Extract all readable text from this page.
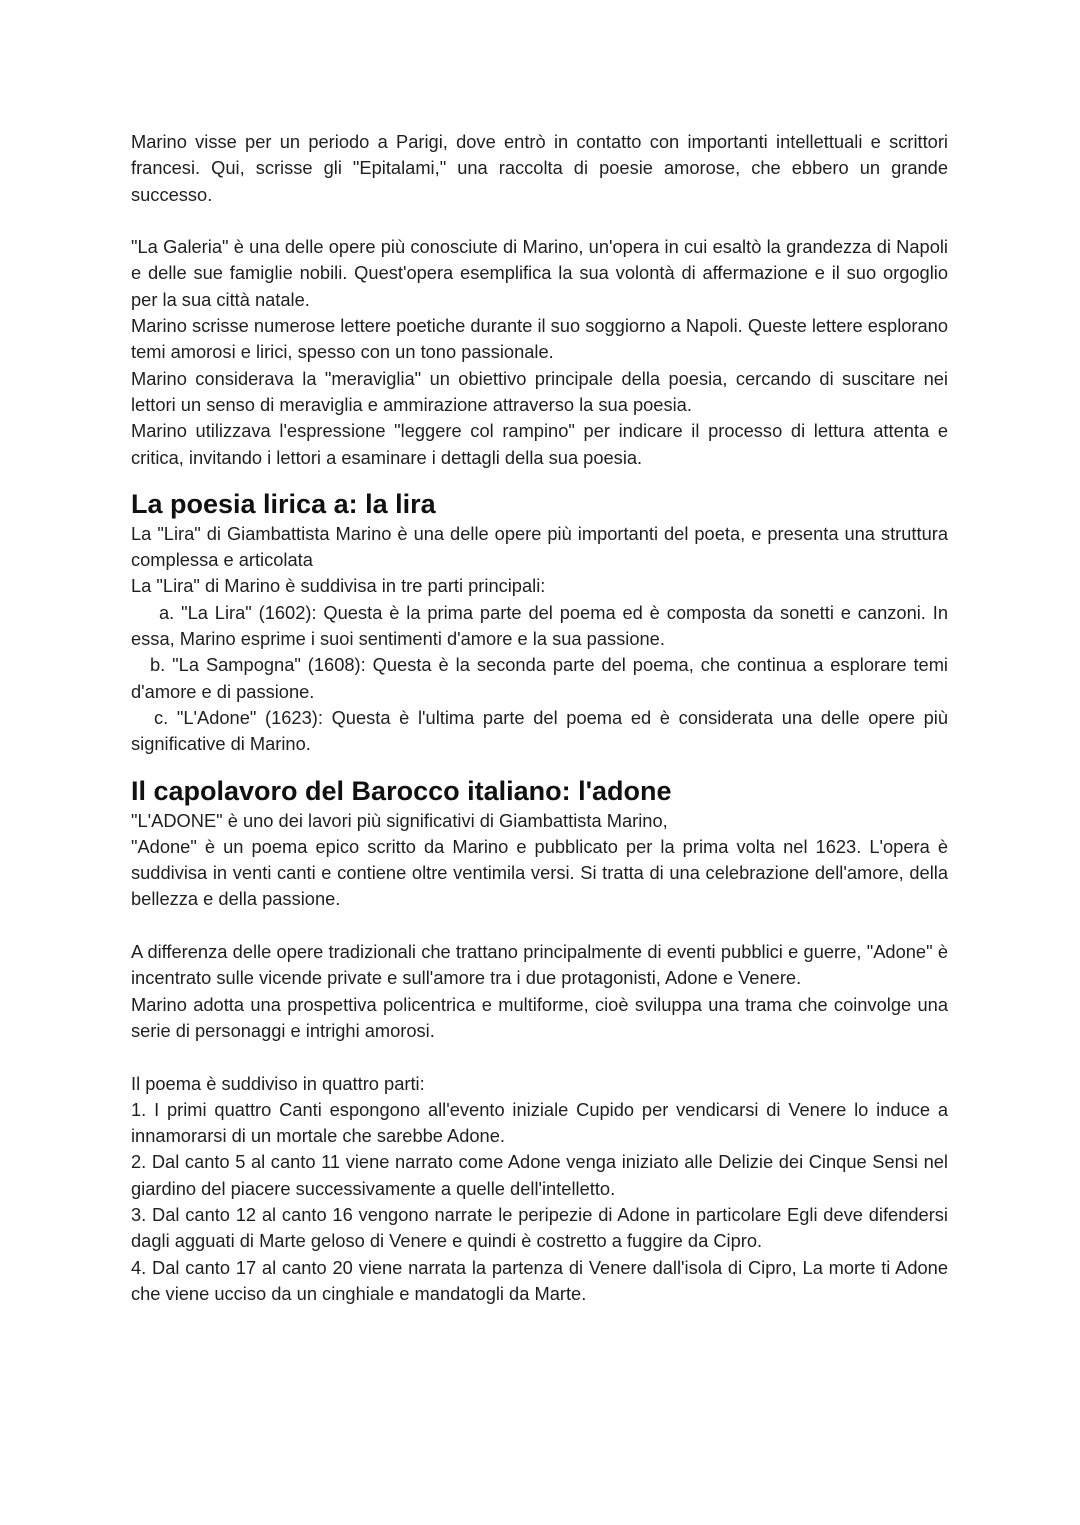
Marino visse per un periodo a Parigi, dove entrò in contatto con importanti intellettuali e scrittori francesi. Qui, scrisse gli "Epitalami," una raccolta di poesie amorose, che ebbero un grande successo.

"La Galeria" è una delle opere più conosciute di Marino, un'opera in cui esaltò la grandezza di Napoli e delle sue famiglie nobili. Quest'opera esemplifica la sua volontà di affermazione e il suo orgoglio per la sua città natale.

Marino scrisse numerose lettere poetiche durante il suo soggiorno a Napoli. Queste lettere esplorano temi amorosi e lirici, spesso con un tono passionale.

Marino considerava la "meraviglia" un obiettivo principale della poesia, cercando di suscitare nei lettori un senso di meraviglia e ammirazione attraverso la sua poesia.

Marino utilizzava l'espressione "leggere col rampino" per indicare il processo di lettura attenta e critica, invitando i lettori a esaminare i dettagli della sua poesia.

La poesia lirica a: la lira

La "Lira" di Giambattista Marino è una delle opere più importanti del poeta, e presenta una struttura complessa e articolata

La "Lira" di Marino è suddivisa in tre parti principali:

a. "La Lira" (1602): Questa è la prima parte del poema ed è composta da sonetti e canzoni. In essa, Marino esprime i suoi sentimenti d'amore e la sua passione.

b. "La Sampogna" (1608): Questa è la seconda parte del poema, che continua a esplorare temi d'amore e di passione.

c. "L'Adone" (1623): Questa è l'ultima parte del poema ed è considerata una delle opere più significative di Marino.

Il capolavoro del Barocco italiano: l'adone

"L'ADONE" è uno dei lavori più significativi di Giambattista Marino,

"Adone" è un poema epico scritto da Marino e pubblicato per la prima volta nel 1623. L'opera è suddivisa in venti canti e contiene oltre ventimila versi. Si tratta di una celebrazione dell'amore, della bellezza e della passione.

A differenza delle opere tradizionali che trattano principalmente di eventi pubblici e guerre, "Adone" è incentrato sulle vicende private e sull'amore tra i due protagonisti, Adone e Venere.

Marino adotta una prospettiva policentrica e multiforme, cioè sviluppa una trama che coinvolge una serie di personaggi e intrighi amorosi.

Il poema è suddiviso in quattro parti:

1. I primi quattro Canti espongono all'evento iniziale Cupido per vendicarsi di Venere lo induce a innamorarsi di un mortale che sarebbe Adone.

2. Dal canto 5 al canto 11 viene narrato come Adone venga iniziato alle Delizie dei Cinque Sensi nel giardino del piacere successivamente a quelle dell'intelletto.

3. Dal canto 12 al canto 16 vengono narrate le peripezie di Adone in particolare Egli deve difendersi dagli agguati di Marte geloso di Venere e quindi è costretto a fuggire da Cipro.

4. Dal canto 17 al canto 20 viene narrata la partenza di Venere dall'isola di Cipro, La morte ti Adone che viene ucciso da un cinghiale e mandatogli da Marte.
